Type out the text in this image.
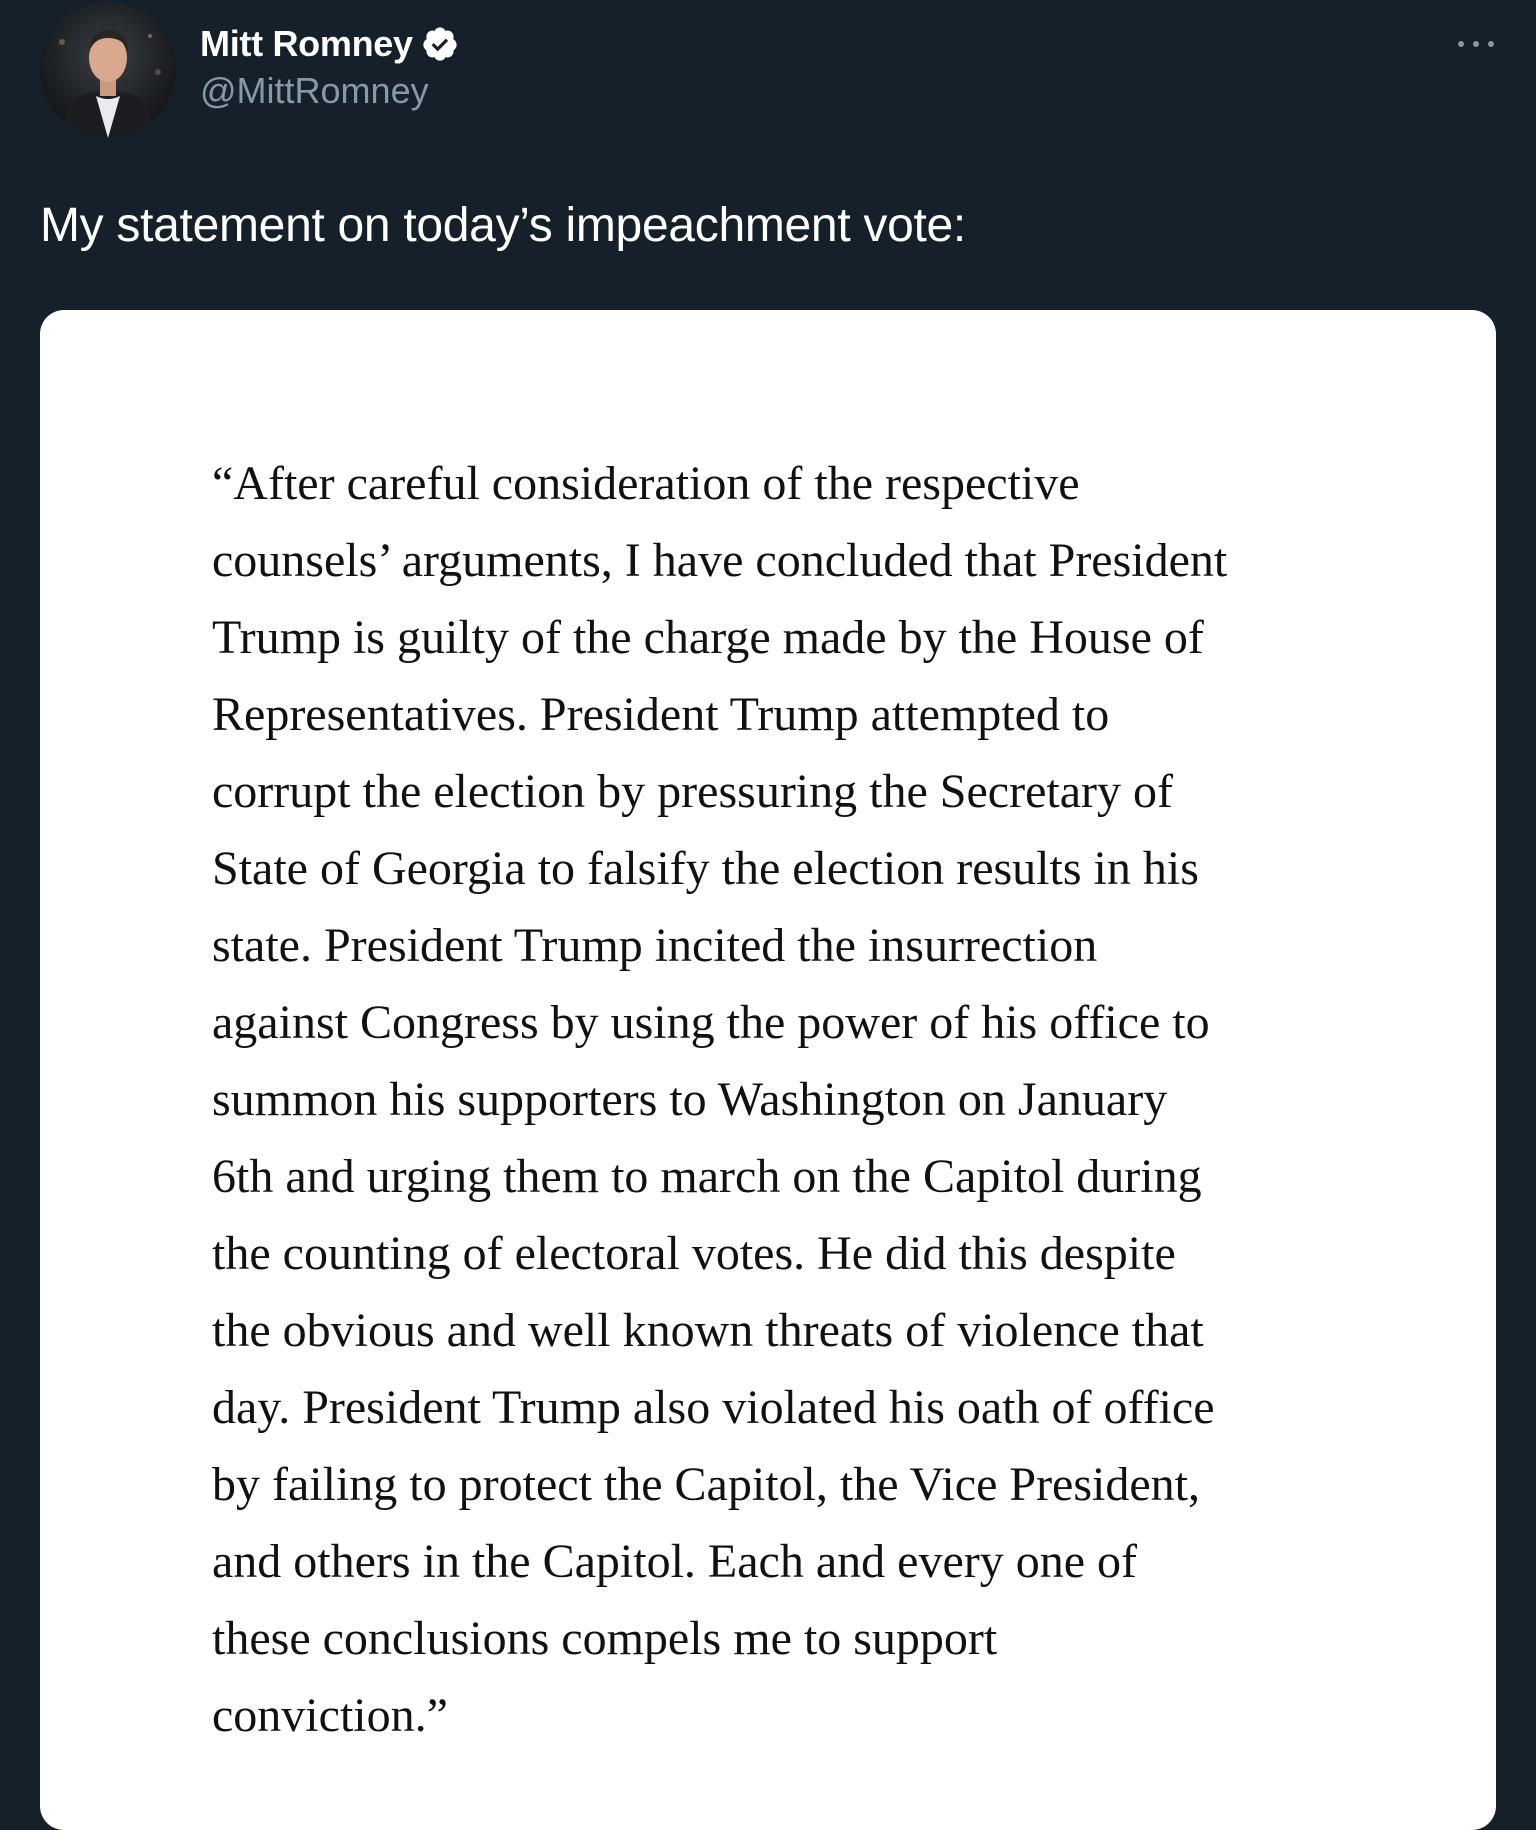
Mitt Romney
@MittRomney
My statement on today’s impeachment vote:

“After careful consideration of the respective
counsels’ arguments, I have concluded that President
Trump is guilty of the charge made by the House of
Representatives. President Trump attempted to
corrupt the election by pressuring the Secretary of
State of Georgia to falsify the election results in his
state. President Trump incited the insurrection
against Congress by using the power of his office to
summon his supporters to Washington on January
6th and urging them to march on the Capitol during
the counting of electoral votes. He did this despite
the obvious and well known threats of violence that
day. President Trump also violated his oath of office
by failing to protect the Capitol, the Vice President,
and others in the Capitol. Each and every one of
these conclusions compels me to support
conviction.”
